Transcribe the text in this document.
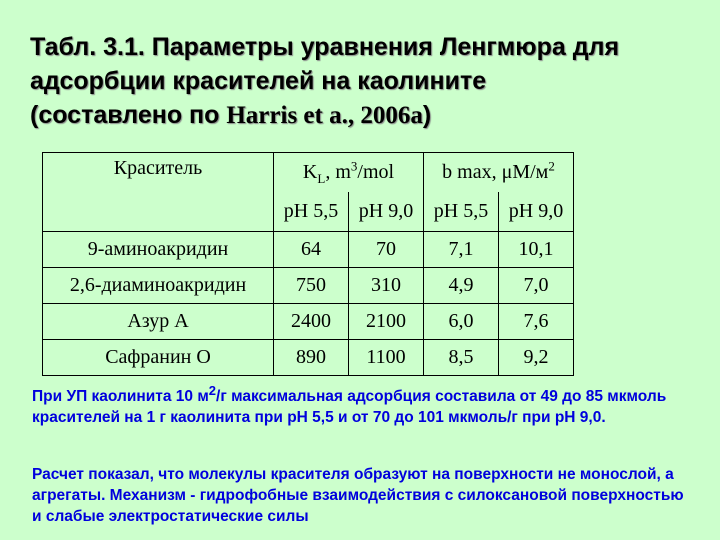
Табл. 3.1. Параметры уравнения Ленгмюра для
адсорбции красителей на каолините
(составлено по Harris et a., 2006a)
Краситель	$K_L$, $m^3$/mol		b max, $\mu M/м^2$
	pH 5,5	pH 9,0	pH 5,5	pH 9,0
9-аминоакридин	64	70	7,1	10,1
2,6-диаминоакридин	750	310	4,9	7,0
Азур А	2400	2100	6,0	7,6
Сафранин О	890	1100	8,5	9,2
При УП каолинита 10 $м^2/г$ максимальная адсорбция составила от 49 до 85 мкмоль красителей на 1 г каолинита при pH 5,5 и от 70 до 101 мкмоль/г при pH 9,0.
Расчет показал, что молекулы красителя образуют на поверхности не монослой, а агрегаты. Механизм - гидрофобные взаимодействия с силоксановой поверхностью и слабые электростатические силы
